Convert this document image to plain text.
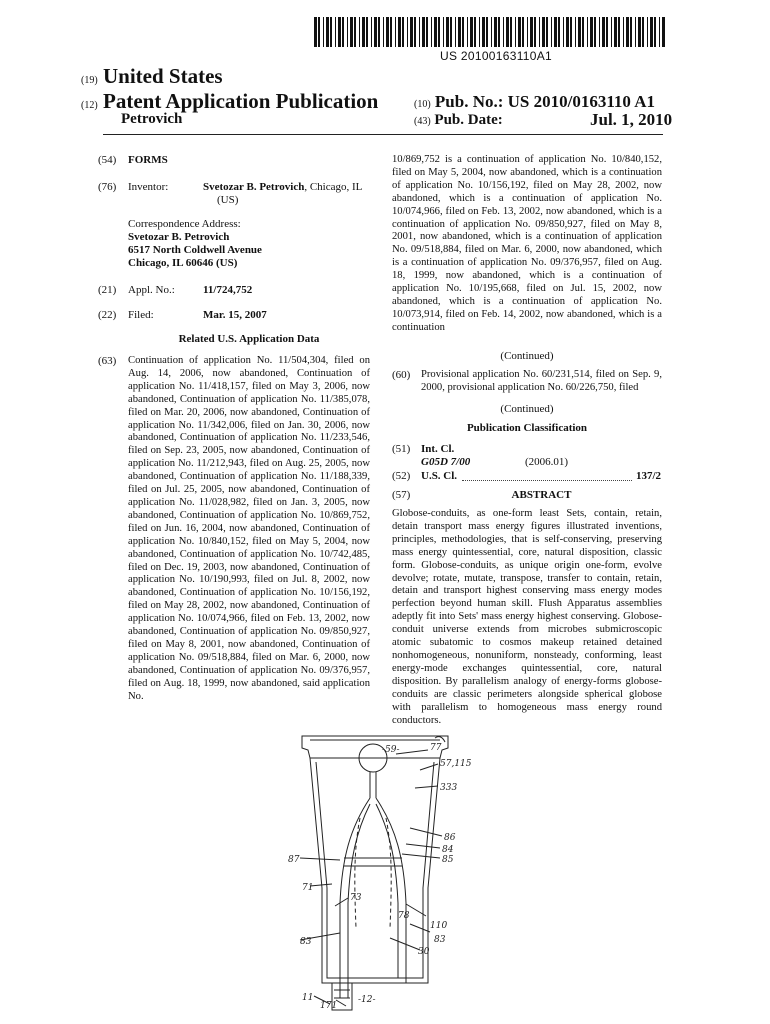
US 20100163110A1
(19) United States
(12) Patent Application Publication
Petrovich
(10) Pub. No.: US 2010/0163110 A1
(43) Pub. Date:	Jul. 1, 2010
(54) FORMS
(76) Inventor:	Svetozar B. Petrovich, Chicago, IL
(US)
Correspondence Address:
Svetozar B. Petrovich
6517 North Coldwell Avenue
Chicago, IL 60646 (US)
(21) Appl. No.:	11/724,752
(22) Filed:	Mar. 15, 2007
Related U.S. Application Data
(63) Continuation of application No. 11/504,304, filed on Aug. 14, 2006, now abandoned, Continuation of application No. 11/418,157, filed on May 3, 2006, now abandoned, Continuation of application No. 11/385,078, filed on Mar. 20, 2006, now abandoned, Continuation of application No. 11/342,006, filed on Jan. 30, 2006, now abandoned, Continuation of application No. 11/233,546, filed on Sep. 23, 2005, now abandoned, Continuation of application No. 11/212,943, filed on Aug. 25, 2005, now abandoned, Continuation of application No. 11/188,339, filed on Jul. 25, 2005, now abandoned, Continuation of application No. 11/028,982, filed on Jan. 3, 2005, now abandoned, Continuation of application No. 10/869,752, filed on Jun. 16, 2004, now abandoned, Continuation of application No. 10/840,152, filed on May 5, 2004, now abandoned, Continuation of application No. 10/742,485, filed on Dec. 19, 2003, now abandoned, Continuation of application No. 10/190,993, filed on Jul. 8, 2002, now abandoned, Continuation of application No. 10/156,192, filed on May 28, 2002, now abandoned, Continuation of application No. 10/074,966, filed on Feb. 13, 2002, now abandoned, Continuation of application No. 09/850,927, filed on May 8, 2001, now abandoned, Continuation of application No. 09/518,884, filed on Mar. 6, 2000, now abandoned, Continuation of application No. 09/376,957, filed on Aug. 18, 1999, now abandoned, said application No.
10/869,752 is a continuation of application No. 10/840,152, filed on May 5, 2004, now abandoned, which is a continuation of application No. 10/156,192, filed on May 28, 2002, now abandoned, which is a continuation of application No. 10/074,966, filed on Feb. 13, 2002, now abandoned, which is a continuation of application No. 09/850,927, filed on May 8, 2001, now abandoned, which is a continuation of application No. 09/518,884, filed on Mar. 6, 2000, now abandoned, which is a continuation of application No. 09/376,957, filed on Aug. 18, 1999, now abandoned, which is a continuation of application No. 10/195,668, filed on Jul. 15, 2002, now abandoned, which is a continuation of application No. 10/073,914, filed on Feb. 14, 2002, now abandoned, which is a continuation
(Continued)
(60) Provisional application No. 60/231,514, filed on Sep. 9, 2000, provisional application No. 60/226,750, filed
(Continued)
Publication Classification
(51) Int. Cl.
G05D 7/00	(2006.01)
(52) U.S. Cl.	137/2
(57)	ABSTRACT
Globose-conduits, as one-form least Sets, contain, retain, detain transport mass energy figures illustrated inventions, principles, methodologies, that is self-conserving, preserving mass energy quintessential, core, natural disposition, classic form. Globose-conduits, as unique origin one-form, evolve devolve; rotate, mutate, transpose, transfer to contain, retain, detain and transport highest conserving mass energy modes perfection beyond human skill. Flush Apparatus assemblies adeptly fit into Sets' mass energy highest conserving. Globose-conduit universe extends from microbes submicroscopic atomic subatomic to cosmos makeup retained detained nonhomogeneous, nonuniform, nonsteady, conforming, least energy-mode exchanges quintessential, core, natural disposition. By parallelism analogy of energy-forms globose-conduits are classic perimeters alongside spherical globose with parallelism to homogeneous mass energy round conductors.
-59-	77
57,115
333
86
84
85
87
71
73
78
110
83
83
30
11
171
-12-
